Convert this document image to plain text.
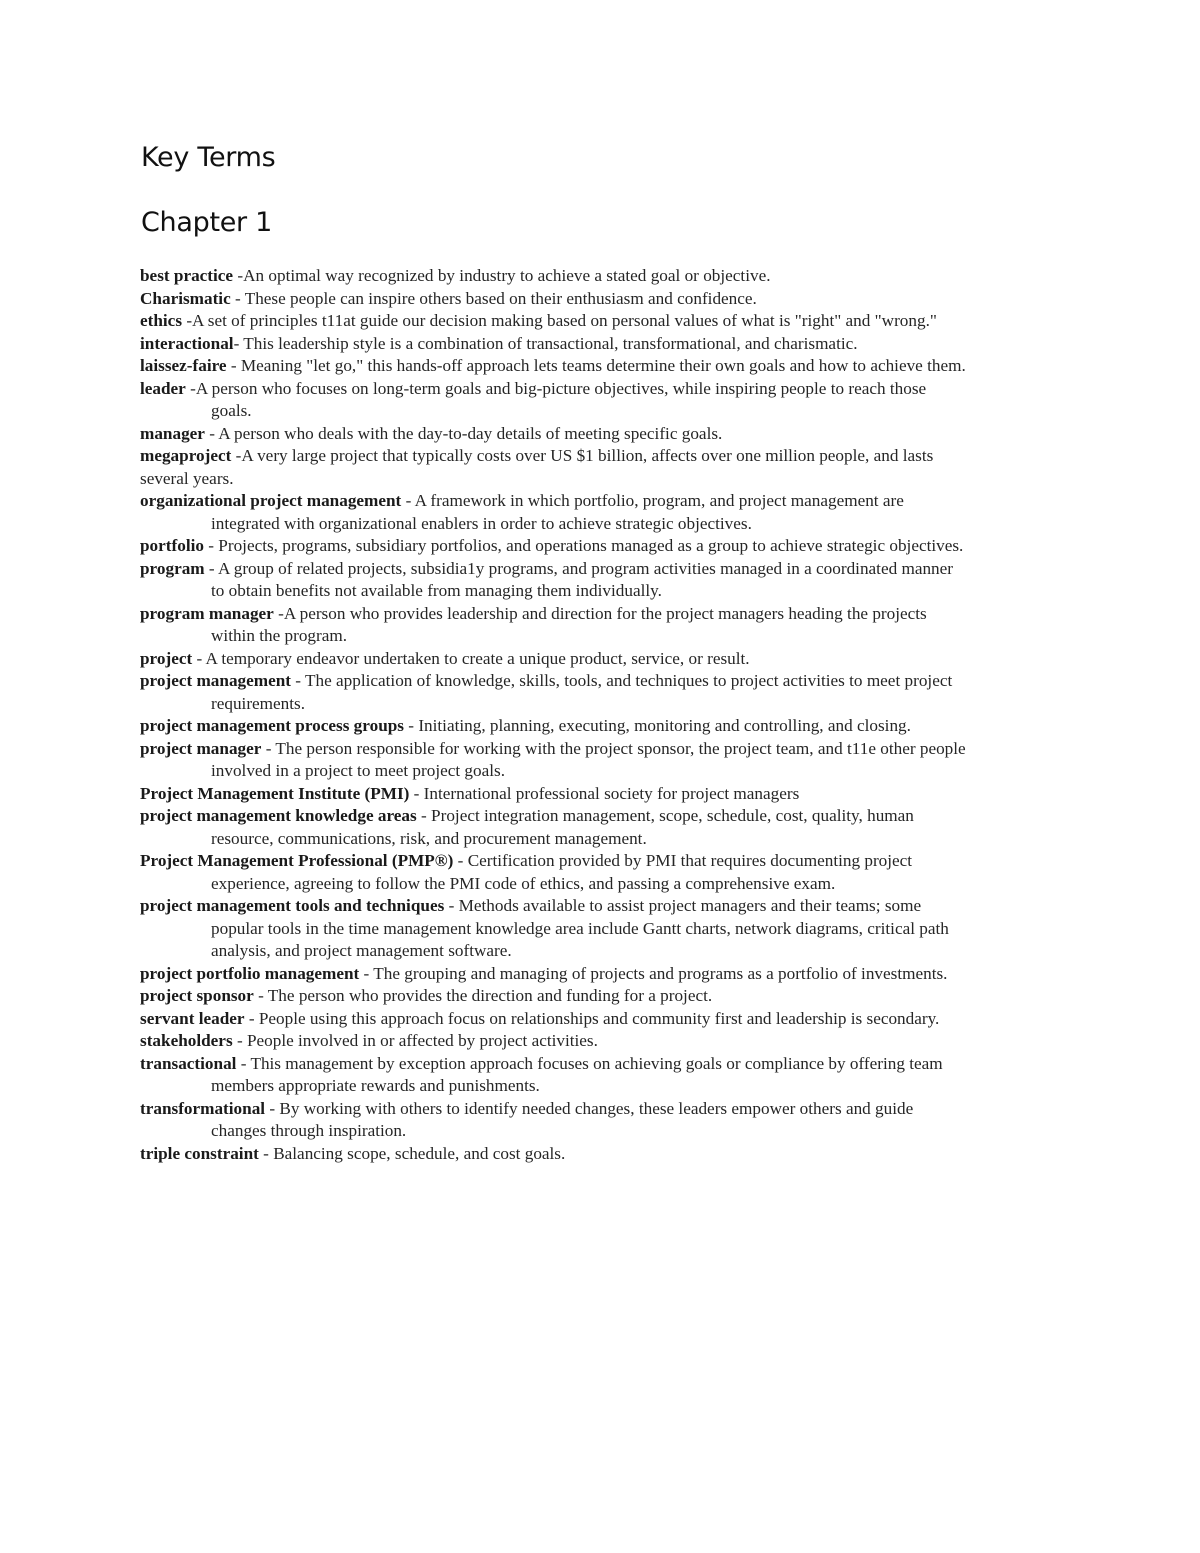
Key Terms
Chapter 1
best practice -An optimal way recognized by industry to achieve a stated goal or objective.
Charismatic - These people can inspire others based on their enthusiasm and confidence.
ethics -A set of principles t11at guide our decision making based on personal values of what is "right" and "wrong."
interactional- This leadership style is a combination of transactional, transformational, and charismatic.
laissez-faire - Meaning "let go," this hands-off approach lets teams determine their own goals and how to achieve them.
leader -A person who focuses on long-term goals and big-picture objectives, while inspiring people to reach those goals.
manager - A person who deals with the day-to-day details of meeting specific goals.
megaproject -A very large project that typically costs over US $1 billion, affects over one million people, and lasts several years.
organizational project management - A framework in which portfolio, program, and project management are integrated with organizational enablers in order to achieve strategic objectives.
portfolio - Projects, programs, subsidiary portfolios, and operations managed as a group to achieve strategic objectives.
program - A group of related projects, subsidia1y programs, and program activities managed in a coordinated manner to obtain benefits not available from managing them individually.
program manager -A person who provides leadership and direction for the project managers heading the projects within the program.
project - A temporary endeavor undertaken to create a unique product, service, or result.
project management - The application of knowledge, skills, tools, and techniques to project activities to meet project requirements.
project management process groups - Initiating, planning, executing, monitoring and controlling, and closing.
project manager - The person responsible for working with the project sponsor, the project team, and t11e other people involved in a project to meet project goals.
Project Management Institute (PMI) - International professional society for project managers
project management knowledge areas - Project integration management, scope, schedule, cost, quality, human resource, communications, risk, and procurement management.
Project Management Professional (PMP®) - Certification provided by PMI that requires documenting project experience, agreeing to follow the PMI code of ethics, and passing a comprehensive exam.
project management tools and techniques - Methods available to assist project managers and their teams; some popular tools in the time management knowledge area include Gantt charts, network diagrams, critical path analysis, and project management software.
project portfolio management - The grouping and managing of projects and programs as a portfolio of investments.
project sponsor - The person who provides the direction and funding for a project.
servant leader - People using this approach focus on relationships and community first and leadership is secondary.
stakeholders - People involved in or affected by project activities.
transactional - This management by exception approach focuses on achieving goals or compliance by offering team members appropriate rewards and punishments.
transformational - By working with others to identify needed changes, these leaders empower others and guide changes through inspiration.
triple constraint - Balancing scope, schedule, and cost goals.
